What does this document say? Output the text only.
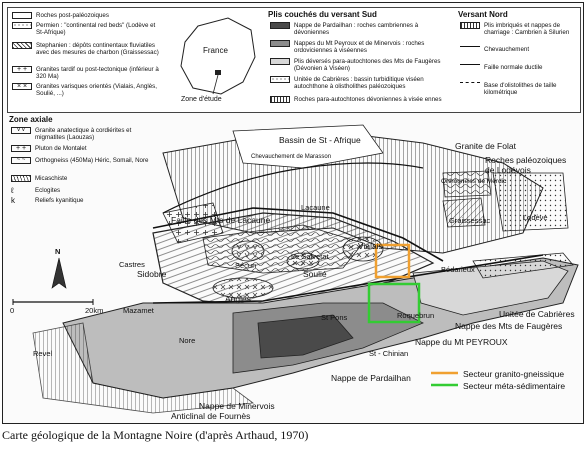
Roches post-paléozoiques
Permien : "continental red beds" (Lodève et St-Afrique)
Stephanien : dépôts continentaux fluviatiles avec des mesures de charbon (Graissessac)
+ +	Granites tardif ou post-tectonique (inférieur à 320 Ma)
× ×	Granites varisques orientés (Vialais, Anglès, Soulié, ...)
France
Zone d'étude
Plis couchés du versant Sud
Nappe de Pardailhan : roches cambriennes à dévoniennes
Nappes du Mt Peyroux et de Minervois : roches ordoviciennes à viséennes
Plis déversés para-autochtones des Mts de Faugères (Dévonien à Viséen)
Unitée de Cabrières : bassin turbiditique viséen autochthone à olistholithes paléozoiques
Roches para-autochtones dévoniennes à visée ennes
Versant Nord
Plis imbriqués et nappes de charriage : Cambrien à Silurien
Chevauchement
Faille normale ductile
Base d'olistolithes de taille kilométrique
Zone axiale
v v	Granite anatectique à cordiérites et migmatites (Laouzas)
+ +	Pluton de Montalet
~ ~	Orthogneiss (450Ma) Héric, Somail, Nore
Micaschiste
ℓ	Eclogites
k	Reliefs kyanitique
Bassin de St - Afrique
Chevauchement de Marasson
Granite de Folat
Roches paléozoiques de Lodévois
Orthogneiss de Mérdic
Graissessac	Lodève
Faille des Mts de Lacaune
Lacaune
Vialais
Le Salvetat
Sécun
Soulié
Anglès
Castres
Sidobre	Bédarieux
Unitée de Cabrières
Nappe des Mts de Faugères
Nappe du Mt PEYROUX
St - Chinian
Nappe de Pardailhan
Nappe de Minervois
Anticlinal de Fournès
Revel
Mazamet
Nore
St Pons	Roquebrun
0	20km
N
Secteur granito-gneissique
Secteur méta-sédimentaire
Carte géologique de la Montagne Noire (d'après Arthaud, 1970)
